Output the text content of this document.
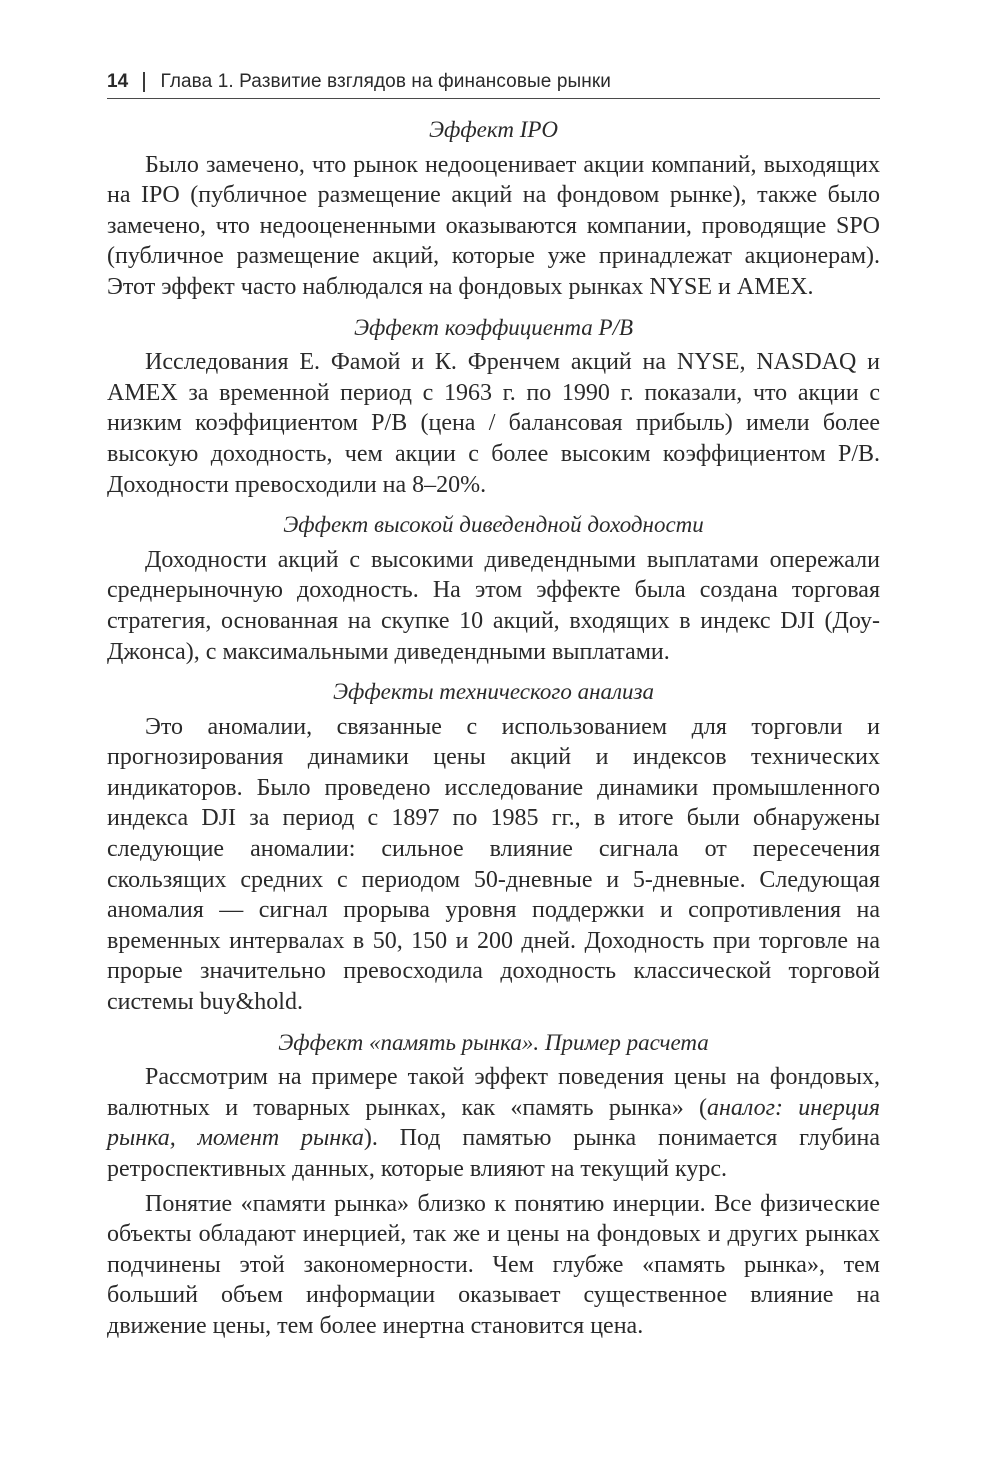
14 Глава 1. Развитие взглядов на финансовые рынки
Эффект IPO

Было замечено, что рынок недооценивает акции компаний, выходящих на IPO (публичное размещение акций на фондовом рынке), также было замечено, что недооцененными оказываются компании, проводящие SPO (публичное размещение акций, которые уже принадлежат акционерам). Этот эффект часто наблюдался на фондовых рынках NYSE и AMEX.

Эффект коэффициента P/B

Исследования Е. Фамой и К. Френчем акций на NYSE, NASDAQ и AMEX за временной период с 1963 г. по 1990 г. показали, что акции с низким коэффициентом P/B (цена / балансовая прибыль) имели более высокую доходность, чем акции с более высоким коэффициентом P/B. Доходности превосходили на 8–20%.

Эффект высокой диведендной доходности

Доходности акций с высокими диведендными выплатами опережали среднерыночную доходность. На этом эффекте была создана торговая стратегия, основанная на скупке 10 акций, входящих в индекс DJI (Доу-Джонса), с максимальными диведендными выплатами.

Эффекты технического анализа

Это аномалии, связанные с использованием для торговли и прогнозирования динамики цены акций и индексов технических индикаторов. Было проведено исследование динамики промышленного индекса DJI за период с 1897 по 1985 гг., в итоге были обнаружены следующие аномалии: сильное влияние сигнала от пересечения скользящих средних с периодом 50-дневные и 5-дневные. Следующая аномалия — сигнал прорыва уровня поддержки и сопротивления на временных интервалах в 50, 150 и 200 дней. Доходность при торговле на прорые значительно превосходила доходность классической торговой системы buy&hold.

Эффект «память рынка». Пример расчета

Рассмотрим на примере такой эффект поведения цены на фондовых, валютных и товарных рынках, как «память рынка» (аналог: инерция рынка, момент рынка). Под памятью рынка понимается глубина ретроспективных данных, которые влияют на текущий курс.

Понятие «памяти рынка» близко к понятию инерции. Все физические объекты обладают инерцией, так же и цены на фондовых и других рынках подчинены этой закономерности. Чем глубже «память рынка», тем больший объем информации оказывает существенное влияние на движение цены, тем более инертна становится цена.
